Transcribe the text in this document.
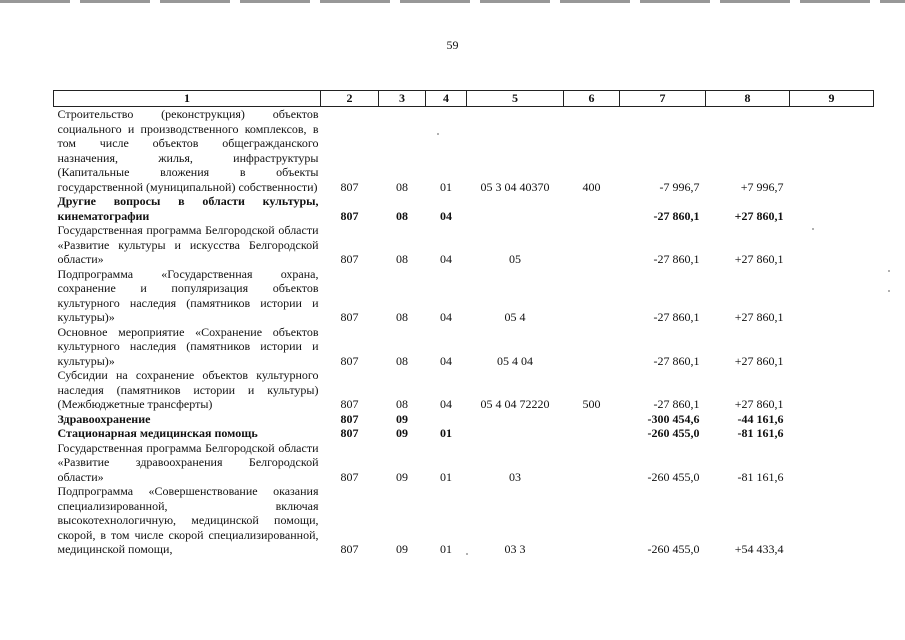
59
1	2	3	4	5	6	7	8	9
Строительство (реконструкция) объектов социального и производственного комплексов, в том числе объектов общегражданского назначения, жилья, инфраструктуры (Капитальные вложения в объекты государственной (муниципальной) собственности)	807	08	01	05 3 04 40370	400	-7 996,7	+7 996,7	
Другие вопросы в области культуры, кинематографии	807	08	04			-27 860,1	+27 860,1	
Государственная программа Белгородской области «Развитие культуры и искусства Белгородской области»	807	08	04	05		-27 860,1	+27 860,1	
Подпрограмма «Государственная охрана, сохранение и популяризация объектов культурного наследия (памятников истории и культуры)»	807	08	04	05 4		-27 860,1	+27 860,1	
Основное мероприятие «Сохранение объектов культурного наследия (памятников истории и культуры)»	807	08	04	05 4 04		-27 860,1	+27 860,1	
Субсидии на сохранение объектов культурного наследия (памятников истории и культуры) (Межбюджетные трансферты)	807	08	04	05 4 04 72220	500	-27 860,1	+27 860,1	
Здравоохранение	807	09				-300 454,6	-44 161,6	
Стационарная медицинская помощь	807	09	01			-260 455,0	-81 161,6	
Государственная программа Белгородской области «Развитие здравоохранения Белгородской области»	807	09	01	03		-260 455,0	-81 161,6	
Подпрограмма «Совершенствование оказания специализированной, включая высокотехнологичную, медицинской помощи, скорой, в том числе скорой специализированной, медицинской помощи,	807	09	01	03 3		-260 455,0	+54 433,4	
